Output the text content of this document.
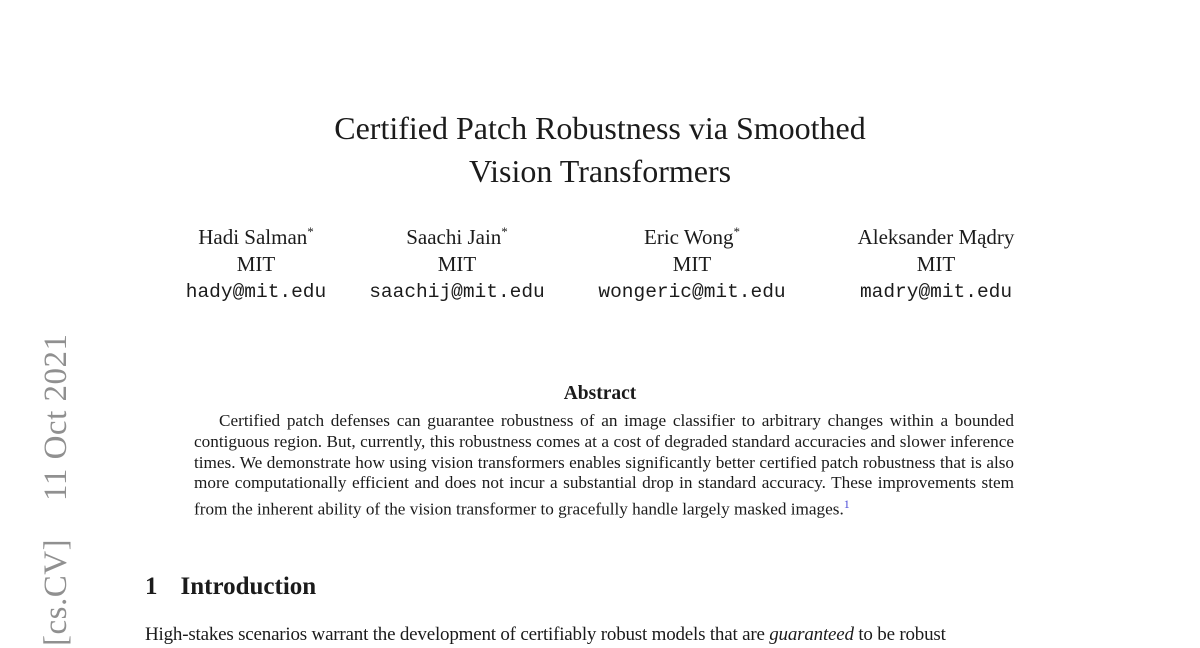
[cs.CV]11 Oct 2021
Certified Patch Robustness via Smoothed
Vision Transformers
Hadi Salman*
MIT
hady@mit.edu
Saachi Jain*
MIT
saachij@mit.edu
Eric Wong*
MIT
wongeric@mit.edu
Aleksander Mądry
MIT
madry@mit.edu
Abstract

Certified patch defenses can guarantee robustness of an image classifier to arbitrary changes within a bounded contiguous region. But, currently, this robustness comes at a cost of degraded standard accuracies and slower inference times. We demonstrate how using vision transformers enables significantly better certified patch robustness that is also more computationally efficient and does not incur a substantial drop in standard accuracy. These improvements stem from the inherent ability of the vision transformer to gracefully handle largely masked images.$^1$

1 Introduction

High-stakes scenarios warrant the development of certifiably robust models that are guaranteed to be robust
